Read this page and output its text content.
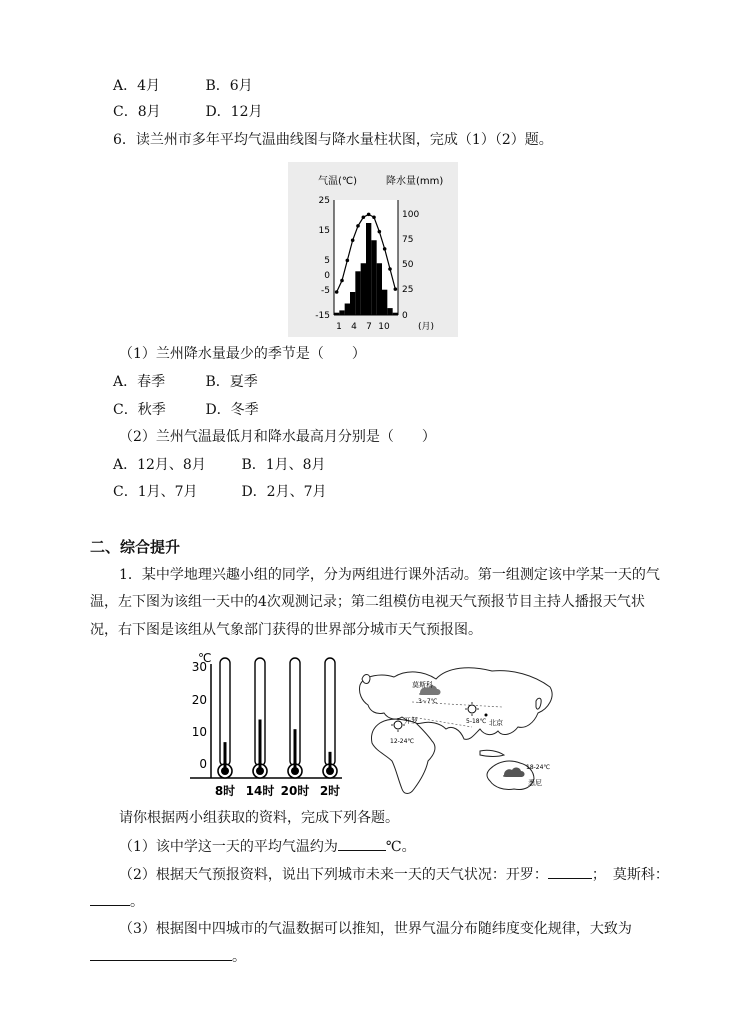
A．4月	B．6月
C．8月	D．12月
6．读兰州市多年平均气温曲线图与降水量柱状图，完成（1）（2）题。
气温(℃)	降水量(mm)
25
15
5
0
-5
-15
100
75
50
25
0
1 4 7 10	(月)
（1）兰州降水量最少的季节是（　　）
A．春季	B．夏季
C．秋季	D．冬季
（2）兰州气温最低月和降水最高月分别是（　　）
A．12月、8月	B．1月、8月
C．1月、7月	D．2月、7月
二、综合提升
1．某中学地理兴趣小组的同学，分为两组进行课外活动。第一组测定该中学某一天的气
温，左下图为该组一天中的4次观测记录；第二组模仿电视天气预报节目主持人播报天气状
况，右下图是该组从气象部门获得的世界部分城市天气预报图。
℃
30
20
10
0
8时 14时 20时 2时
莫斯科
3~7℃
开罗
12-24℃
5-18℃ 北京
18-24℃
悉尼
请你根据两小组获取的资料，完成下列各题。
（1）该中学这一天的平均气温约为	℃。
（2）根据天气预报资料，说出下列城市未来一天的天气状况：开罗：	；　莫斯科：
。
（3）根据图中四城市的气温数据可以推知，世界气温分布随纬度变化规律，大致为
。
